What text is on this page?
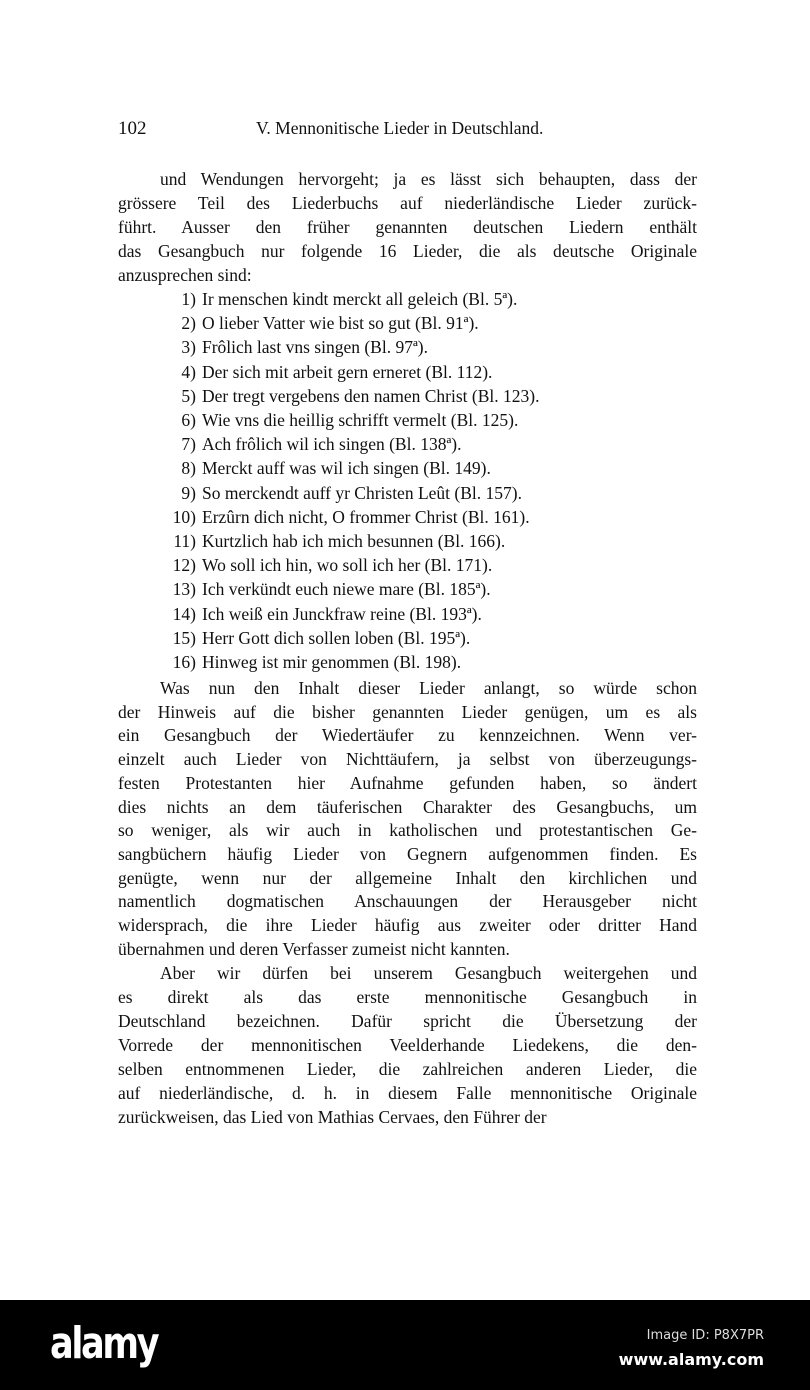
102	V. Mennonitische Lieder in Deutschland.
und Wendungen hervorgeht; ja es lässt sich behaupten, dass der
grössere Teil des Liederbuchs auf niederländische Lieder zurück-
führt. Ausser den früher genannten deutschen Liedern enthält
das Gesangbuch nur folgende 16 Lieder, die als deutsche Originale
anzusprechen sind:
1) Ir menschen kindt merckt all geleich (Bl. 5ª).
2) O lieber Vatter wie bist so gut (Bl. 91ª).
3) Frôlich last vns singen (Bl. 97ª).
4) Der sich mit arbeit gern erneret (Bl. 112).
5) Der tregt vergebens den namen Christ (Bl. 123).
6) Wie vns die heillig schrifft vermelt (Bl. 125).
7) Ach frôlich wil ich singen (Bl. 138ª).
8) Merckt auff was wil ich singen (Bl. 149).
9) So merckendt auff yr Christen Leût (Bl. 157).
10) Erzûrn dich nicht, O frommer Christ (Bl. 161).
11) Kurtzlich hab ich mich besunnen (Bl. 166).
12) Wo soll ich hin, wo soll ich her (Bl. 171).
13) Ich verkündt euch niewe mare (Bl. 185ª).
14) Ich weiß ein Junckfraw reine (Bl. 193ª).
15) Herr Gott dich sollen loben (Bl. 195ª).
16) Hinweg ist mir genommen (Bl. 198).
Was nun den Inhalt dieser Lieder anlangt, so würde schon
der Hinweis auf die bisher genannten Lieder genügen, um es als
ein Gesangbuch der Wiedertäufer zu kennzeichnen. Wenn ver-
einzelt auch Lieder von Nichttäufern, ja selbst von überzeugungs-
festen Protestanten hier Aufnahme gefunden haben, so ändert
dies nichts an dem täuferischen Charakter des Gesangbuchs, um
so weniger, als wir auch in katholischen und protestantischen Ge-
sangbüchern häufig Lieder von Gegnern aufgenommen finden. Es
genügte, wenn nur der allgemeine Inhalt den kirchlichen und
namentlich dogmatischen Anschauungen der Herausgeber nicht
widersprach, die ihre Lieder häufig aus zweiter oder dritter Hand
übernahmen und deren Verfasser zumeist nicht kannten.
Aber wir dürfen bei unserem Gesangbuch weitergehen und
es direkt als das erste mennonitische Gesangbuch in
Deutschland bezeichnen. Dafür spricht die Übersetzung der
Vorrede der mennonitischen Veelderhande Liedekens, die den-
selben entnommenen Lieder, die zahlreichen anderen Lieder, die
auf niederländische, d. h. in diesem Falle mennonitische Originale
zurückweisen, das Lied von Mathias Cervaes, den Führer der
alamy	Image ID: P8X7PR
www.alamy.com
